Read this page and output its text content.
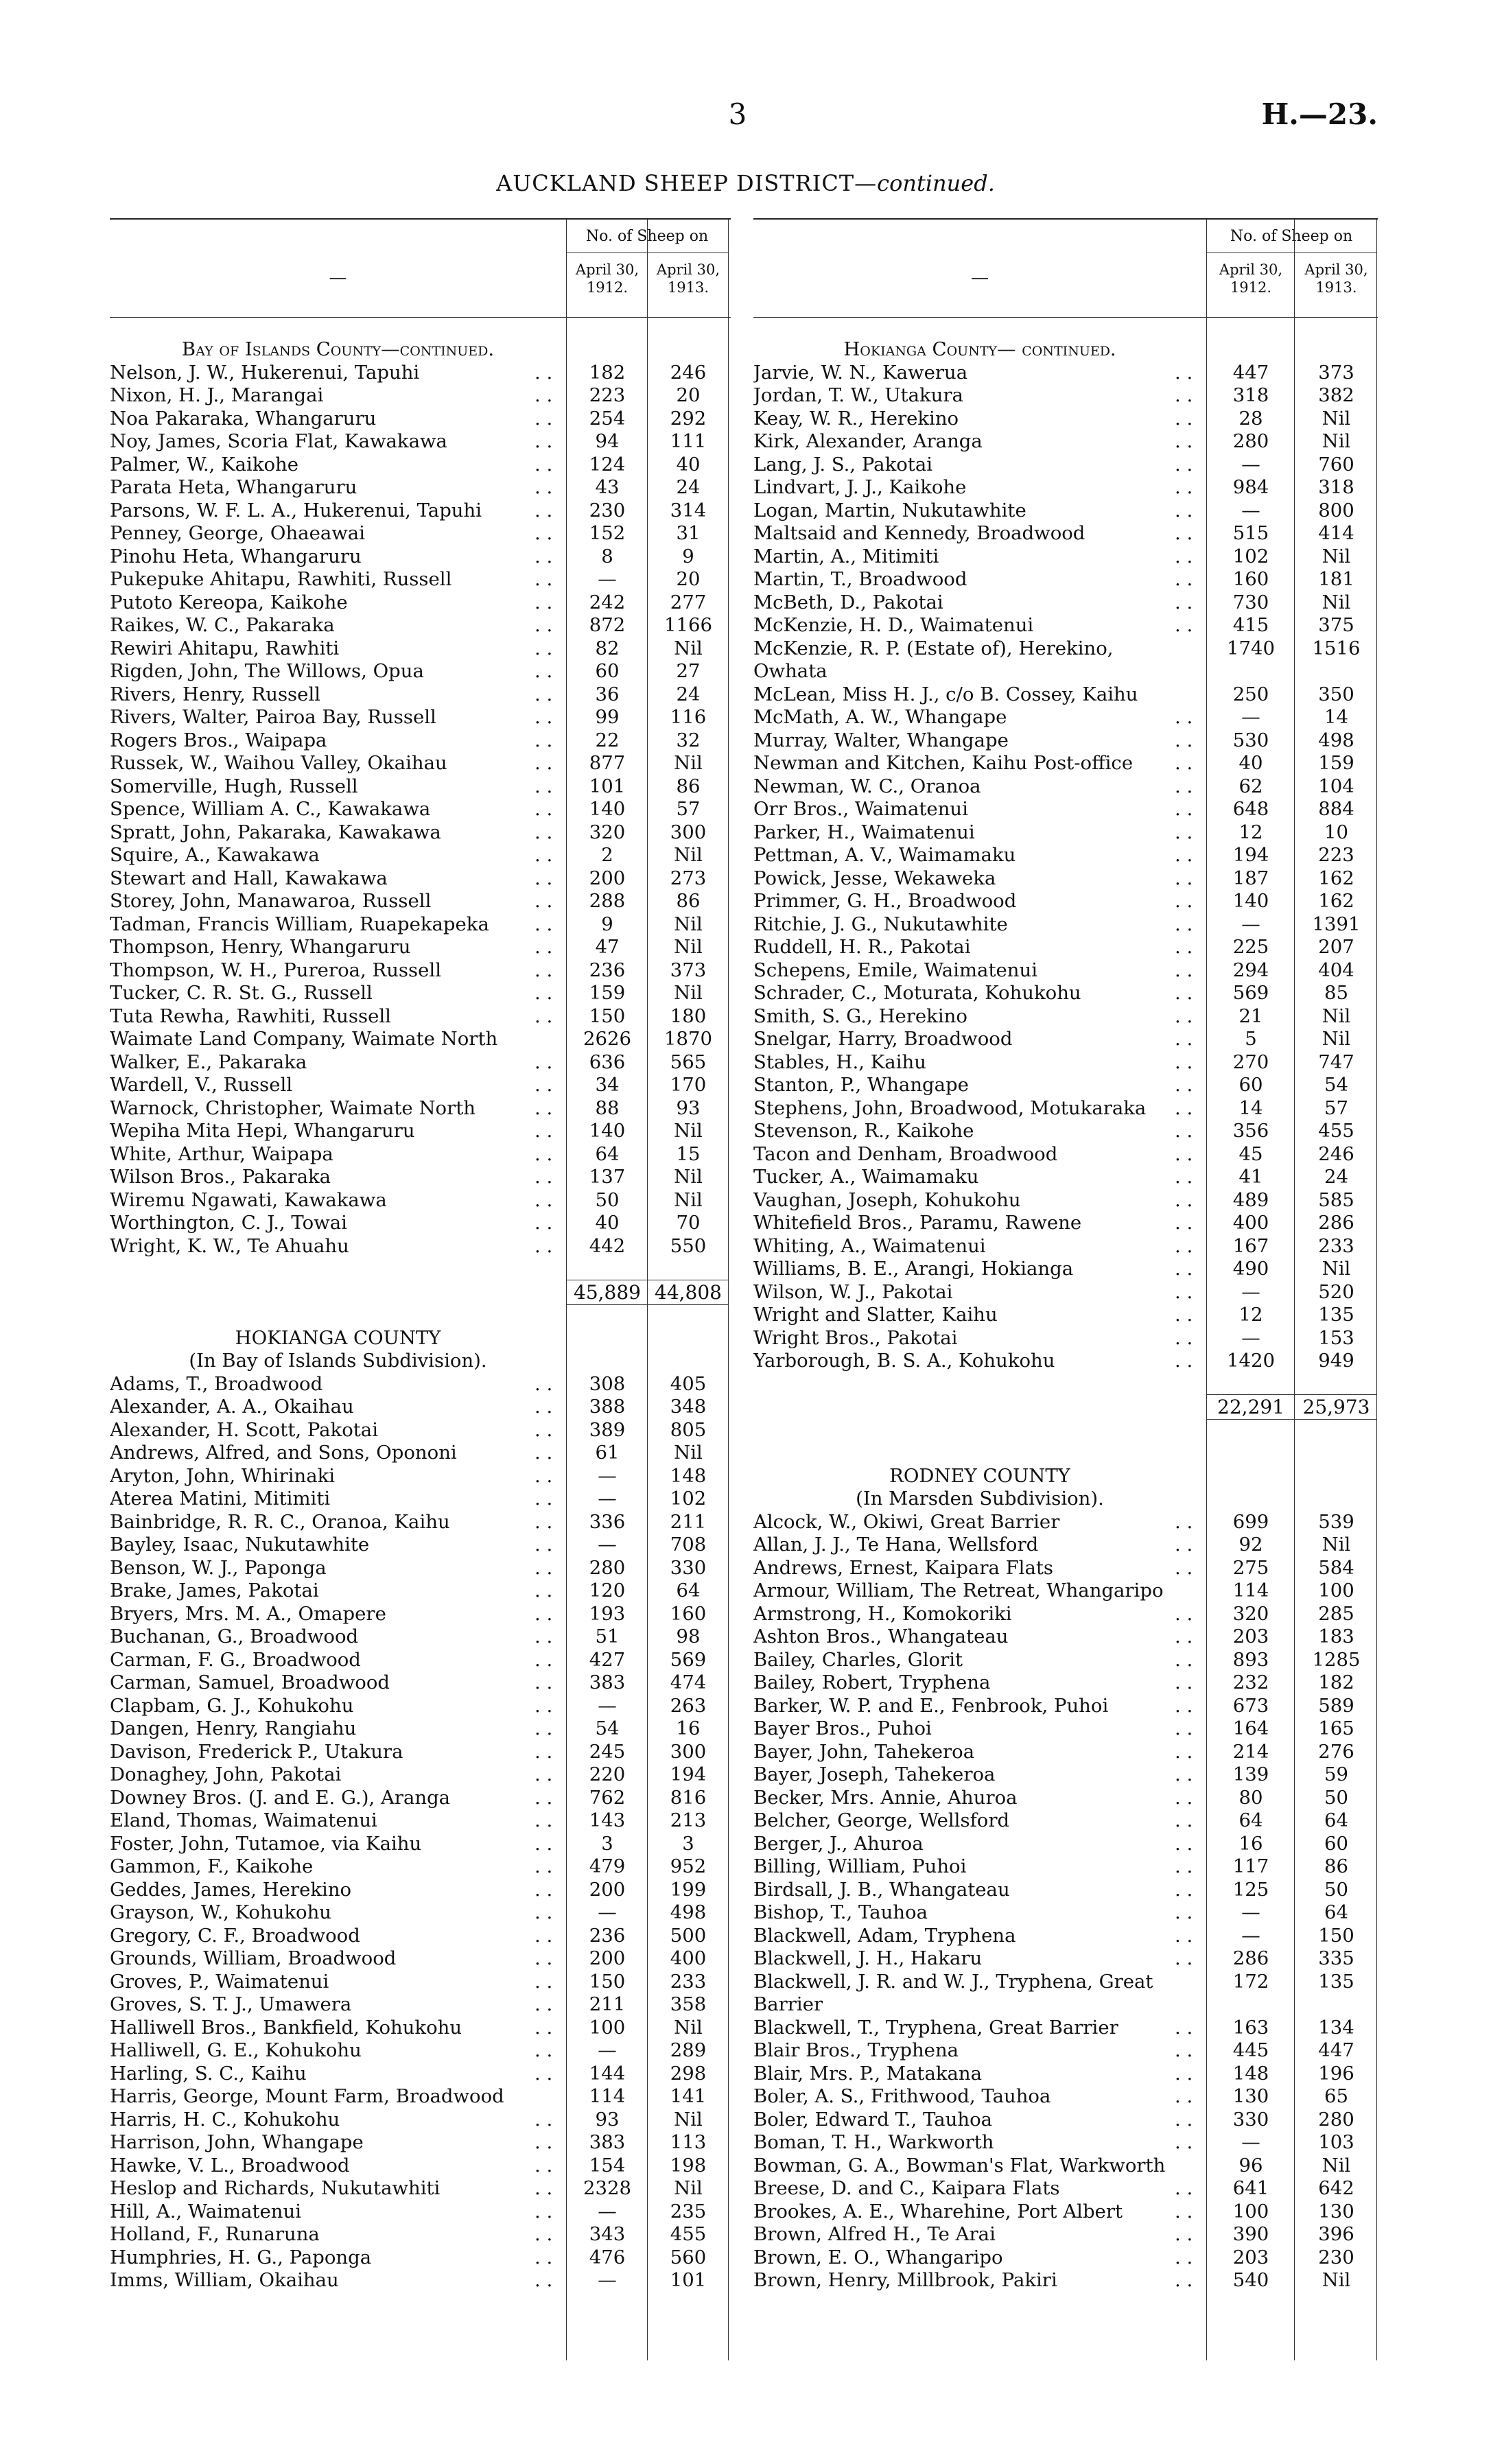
3	H.—23.
AUCKLAND SHEEP DISTRICT—continued.
—
No. of Sheep on
April 30, 1912.
April 30, 1913.
Bay of Islands County—continued.
Nelson, J. W., Hukerenui, Tapuhi	. .	182	246
Nixon, H. J., Marangai	. .	223	20
Noa Pakaraka, Whangaruru	. .	254	292
Noy, James, Scoria Flat, Kawakawa	. .	94	111
Palmer, W., Kaikohe	. .	124	40
Parata Heta, Whangaruru	. .	43	24
Parsons, W. F. L. A., Hukerenui, Tapuhi	. .	230	314
Penney, George, Ohaeawai	. .	152	31
Pinohu Heta, Whangaruru	. .	8	9
Pukepuke Ahitapu, Rawhiti, Russell	. .	—	20
Putoto Kereopa, Kaikohe	. .	242	277
Raikes, W. C., Pakaraka	. .	872	1166
Rewiri Ahitapu, Rawhiti	. .	82	Nil
Rigden, John, The Willows, Opua	. .	60	27
Rivers, Henry, Russell	. .	36	24
Rivers, Walter, Pairoa Bay, Russell	. .	99	116
Rogers Bros., Waipapa	. .	22	32
Russek, W., Waihou Valley, Okaihau	. .	877	Nil
Somerville, Hugh, Russell	. .	101	86
Spence, William A. C., Kawakawa	. .	140	57
Spratt, John, Pakaraka, Kawakawa	. .	320	300
Squire, A., Kawakawa	. .	2	Nil
Stewart and Hall, Kawakawa	. .	200	273
Storey, John, Manawaroa, Russell	. .	288	86
Tadman, Francis William, Ruapekapeka	. .	9	Nil
Thompson, Henry, Whangaruru	. .	47	Nil
Thompson, W. H., Pureroa, Russell	. .	236	373
Tucker, C. R. St. G., Russell	. .	159	Nil
Tuta Rewha, Rawhiti, Russell	. .	150	180
Waimate Land Company, Waimate North	2626	1870
Walker, E., Pakaraka	. .	636	565
Wardell, V., Russell	. .	34	170
Warnock, Christopher, Waimate North	. .	88	93
Wepiha Mita Hepi, Whangaruru	. .	140	Nil
White, Arthur, Waipapa	. .	64	15
Wilson Bros., Pakaraka	. .	137	Nil
Wiremu Ngawati, Kawakawa	. .	50	Nil
Worthington, C. J., Towai	. .	40	70
Wright, K. W., Te Ahuahu	. .	442	550
45,889 44,808
HOKIANGA COUNTY
(In Bay of Islands Subdivision).
Adams, T., Broadwood	. .	308	405
Alexander, A. A., Okaihau	. .	388	348
Alexander, H. Scott, Pakotai	. .	389	805
Andrews, Alfred, and Sons, Opononi	. .	61	Nil
Aryton, John, Whirinaki	. .	—	148
Aterea Matini, Mitimiti	. .	—	102
Bainbridge, R. R. C., Oranoa, Kaihu	. .	336	211
Bayley, Isaac, Nukutawhite	. .	—	708
Benson, W. J., Paponga	. .	280	330
Brake, James, Pakotai	. .	120	64
Bryers, Mrs. M. A., Omapere	. .	193	160
Buchanan, G., Broadwood	. .	51	98
Carman, F. G., Broadwood	. .	427	569
Carman, Samuel, Broadwood	. .	383	474
Clapbam, G. J., Kohukohu	. .	—	263
Dangen, Henry, Rangiahu	. .	54	16
Davison, Frederick P., Utakura	. .	245	300
Donaghey, John, Pakotai	. .	220	194
Downey Bros. (J. and E. G.), Aranga	. .	762	816
Eland, Thomas, Waimatenui	. .	143	213
Foster, John, Tutamoe, via Kaihu	. .	3	3
Gammon, F., Kaikohe	. .	479	952
Geddes, James, Herekino	. .	200	199
Grayson, W., Kohukohu	. .	—	498
Gregory, C. F., Broadwood	. .	236	500
Grounds, William, Broadwood	. .	200	400
Groves, P., Waimatenui	. .	150	233
Groves, S. T. J., Umawera	. .	211	358
Halliwell Bros., Bankfield, Kohukohu	. .	100	Nil
Halliwell, G. E., Kohukohu	. .	—	289
Harling, S. C., Kaihu	. .	144	298
Harris, George, Mount Farm, Broadwood	114	141
Harris, H. C., Kohukohu	. .	93	Nil
Harrison, John, Whangape	. .	383	113
Hawke, V. L., Broadwood	. .	154	198
Heslop and Richards, Nukutawhiti	. .	2328	Nil
Hill, A., Waimatenui	. .	—	235
Holland, F., Runaruna	. .	343	455
Humphries, H. G., Paponga	. .	476	560
Imms, William, Okaihau	. .	—	101
—
No. of Sheep on
April 30, 1912.
April 30, 1913.
Hokianga County— continued.
Jarvie, W. N., Kawerua	. .	447	373
Jordan, T. W., Utakura	. .	318	382
Keay, W. R., Herekino	. .	28	Nil
Kirk, Alexander, Aranga	. .	280	Nil
Lang, J. S., Pakotai	. .	—	760
Lindvart, J. J., Kaikohe	. .	984	318
Logan, Martin, Nukutawhite	. .	—	800
Maltsaid and Kennedy, Broadwood	. .	515	414
Martin, A., Mitimiti	. .	102	Nil
Martin, T., Broadwood	. .	160	181
McBeth, D., Pakotai	. .	730	Nil
McKenzie, H. D., Waimatenui	. .	415	375
McKenzie, R. P. (Estate of), Herekino,	1740	1516
Owhata
McLean, Miss H. J., c/o B. Cossey, Kaihu	250	350
McMath, A. W., Whangape	. .	—	14
Murray, Walter, Whangape	. .	530	498
Newman and Kitchen, Kaihu Post-office	. .	40	159
Newman, W. C., Oranoa	. .	62	104
Orr Bros., Waimatenui	. .	648	884
Parker, H., Waimatenui	. .	12	10
Pettman, A. V., Waimamaku	. .	194	223
Powick, Jesse, Wekaweka	. .	187	162
Primmer, G. H., Broadwood	. .	140	162
Ritchie, J. G., Nukutawhite	. .	—	1391
Ruddell, H. R., Pakotai	. .	225	207
Schepens, Emile, Waimatenui	. .	294	404
Schrader, C., Moturata, Kohukohu	. .	569	85
Smith, S. G., Herekino	. .	21	Nil
Snelgar, Harry, Broadwood	. .	5	Nil
Stables, H., Kaihu	. .	270	747
Stanton, P., Whangape	. .	60	54
Stephens, John, Broadwood, Motukaraka	. .	14	57
Stevenson, R., Kaikohe	. .	356	455
Tacon and Denham, Broadwood	. .	45	246
Tucker, A., Waimamaku	. .	41	24
Vaughan, Joseph, Kohukohu	. .	489	585
Whitefield Bros., Paramu, Rawene	. .	400	286
Whiting, A., Waimatenui	. .	167	233
Williams, B. E., Arangi, Hokianga	. .	490	Nil
Wilson, W. J., Pakotai	. .	—	520
Wright and Slatter, Kaihu	. .	12	135
Wright Bros., Pakotai	. .	—	153
Yarborough, B. S. A., Kohukohu	. .	1420	949
22,291 25,973
RODNEY COUNTY
(In Marsden Subdivision).
Alcock, W., Okiwi, Great Barrier	. .	699	539
Allan, J. J., Te Hana, Wellsford	. .	92	Nil
Andrews, Ernest, Kaipara Flats	. .	275	584
Armour, William, The Retreat, Whangaripo	114	100
Armstrong, H., Komokoriki	. .	320	285
Ashton Bros., Whangateau	. .	203	183
Bailey, Charles, Glorit	. .	893	1285
Bailey, Robert, Tryphena	. .	232	182
Barker, W. P. and E., Fenbrook, Puhoi	. .	673	589
Bayer Bros., Puhoi	. .	164	165
Bayer, John, Tahekeroa	. .	214	276
Bayer, Joseph, Tahekeroa	. .	139	59
Becker, Mrs. Annie, Ahuroa	. .	80	50
Belcher, George, Wellsford	. .	64	64
Berger, J., Ahuroa	. .	16	60
Billing, William, Puhoi	. .	117	86
Birdsall, J. B., Whangateau	. .	125	50
Bishop, T., Tauhoa	. .	—	64
Blackwell, Adam, Tryphena	. .	—	150
Blackwell, J. H., Hakaru	. .	286	335
Blackwell, J. R. and W. J., Tryphena, Great	172	135
Barrier
Blackwell, T., Tryphena, Great Barrier	. .	163	134
Blair Bros., Tryphena	. .	445	447
Blair, Mrs. P., Matakana	. .	148	196
Boler, A. S., Frithwood, Tauhoa	. .	130	65
Boler, Edward T., Tauhoa	. .	330	280
Boman, T. H., Warkworth	. .	—	103
Bowman, G. A., Bowman's Flat, Warkworth	96	Nil
Breese, D. and C., Kaipara Flats	. .	641	642
Brookes, A. E., Wharehine, Port Albert	. .	100	130
Brown, Alfred H., Te Arai	. .	390	396
Brown, E. O., Whangaripo	. .	203	230
Brown, Henry, Millbrook, Pakiri	. .	540	Nil
